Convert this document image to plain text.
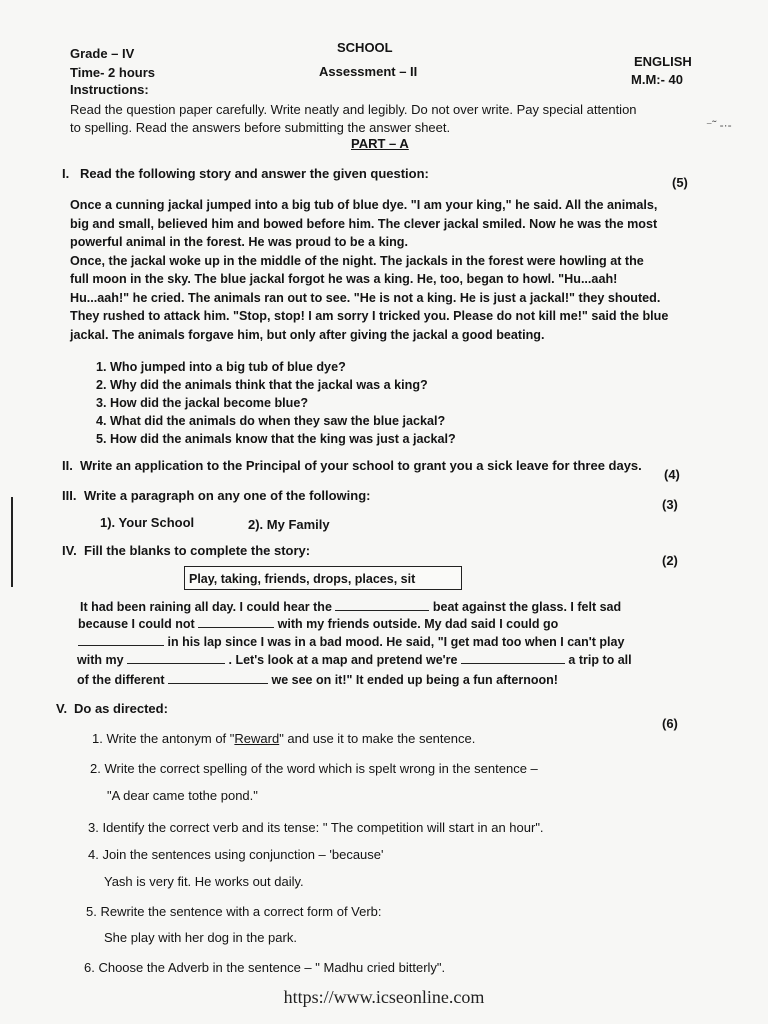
Grade – IV
Time- 2 hours
Instructions:
SCHOOL
Assessment – II
ENGLISH
M.M:- 40
Read the question paper carefully. Write neatly and legibly. Do not over write. Pay special attention
to spelling. Read the answers before submitting the answer sheet.
PART – A
⁻˜ -·-
I. Read the following story and answer the given question:
(5)
Once a cunning jackal jumped into a big tub of blue dye. "I am your king," he said. All the animals,
big and small, believed him and bowed before him. The clever jackal smiled. Now he was the most
powerful animal in the forest. He was proud to be a king.
Once, the jackal woke up in the middle of the night. The jackals in the forest were howling at the
full moon in the sky. The blue jackal forgot he was a king. He, too, began to howl. "Hu...aah!
Hu...aah!" he cried. The animals ran out to see. "He is not a king. He is just a jackal!" they shouted.
They rushed to attack him. "Stop, stop! I am sorry I tricked you. Please do not kill me!" said the blue
jackal. The animals forgave him, but only after giving the jackal a good beating.
1. Who jumped into a big tub of blue dye?
2. Why did the animals think that the jackal was a king?
3. How did the jackal become blue?
4. What did the animals do when they saw the blue jackal?
5. How did the animals know that the king was just a jackal?
II. Write an application to the Principal of your school to grant you a sick leave for three days.
(4)
III. Write a paragraph on any one of the following:
(3)
1). Your School	2). My Family
IV. Fill the blanks to complete the story:
(2)
Play, taking, friends, drops, places, sit
It had been raining all day. I could hear the	beat against the glass. I felt sad
because I could not	with my friends outside. My dad said I could go
in his lap since I was in a bad mood. He said, "I get mad too when I can't play
with my	. Let's look at a map and pretend we're	a trip to all
of the different	we see on it!" It ended up being a fun afternoon!
V. Do as directed:
(6)
1. Write the antonym of "Reward" and use it to make the sentence.
2. Write the correct spelling of the word which is spelt wrong in the sentence –
"A dear came tothe pond."
3. Identify the correct verb and its tense: " The competition will start in an hour".
4. Join the sentences using conjunction – 'because'
Yash is very fit. He works out daily.
5. Rewrite the sentence with a correct form of Verb:
She play with her dog in the park.
6. Choose the Adverb in the sentence – " Madhu cried bitterly".
https://www.icseonline.com
